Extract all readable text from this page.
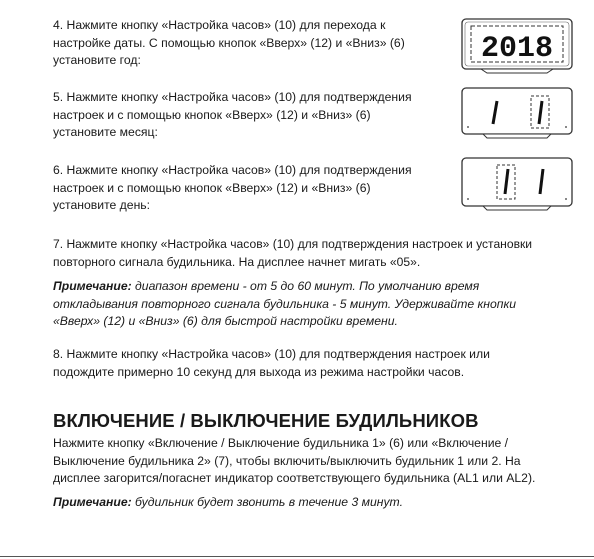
4. Нажмите кнопку «Настройка часов» (10) для перехода к
настройке даты. С помощью кнопок «Вверх» (12) и «Вниз» (6)
установите год:	2018
5. Нажмите кнопку «Настройка часов» (10) для подтверждения
настроек и с помощью кнопок «Вверх» (12) и «Вниз» (6)
установите месяц:
6. Нажмите кнопку «Настройка часов» (10) для подтверждения
настроек и с помощью кнопок «Вверх» (12) и «Вниз» (6)
установите день:
7. Нажмите кнопку «Настройка часов» (10) для подтверждения настроек и установки
повторного сигнала будильника. На дисплее начнет мигать «05».
Примечание: диапазон времени - от 5 до 60 минут. По умолчанию время
откладывания повторного сигнала будильника - 5 минут. Удерживайте кнопки
«Вверх» (12) и «Вниз» (6) для быстрой настройки времени.
8. Нажмите кнопку «Настройка часов» (10) для подтверждения настроек или
подождите примерно 10 секунд для выхода из режима настройки часов.
ВКЛЮЧЕНИЕ / ВЫКЛЮЧЕНИЕ БУДИЛЬНИКОВ
Нажмите кнопку «Включение / Выключение будильника 1» (6) или «Включение /
Выключение будильника 2» (7), чтобы включить/выключить будильник 1 или 2. На
дисплее загорится/погаснет индикатор соответствующего будильника (AL1 или AL2).
Примечание: будильник будет звонить в течение 3 минут.
